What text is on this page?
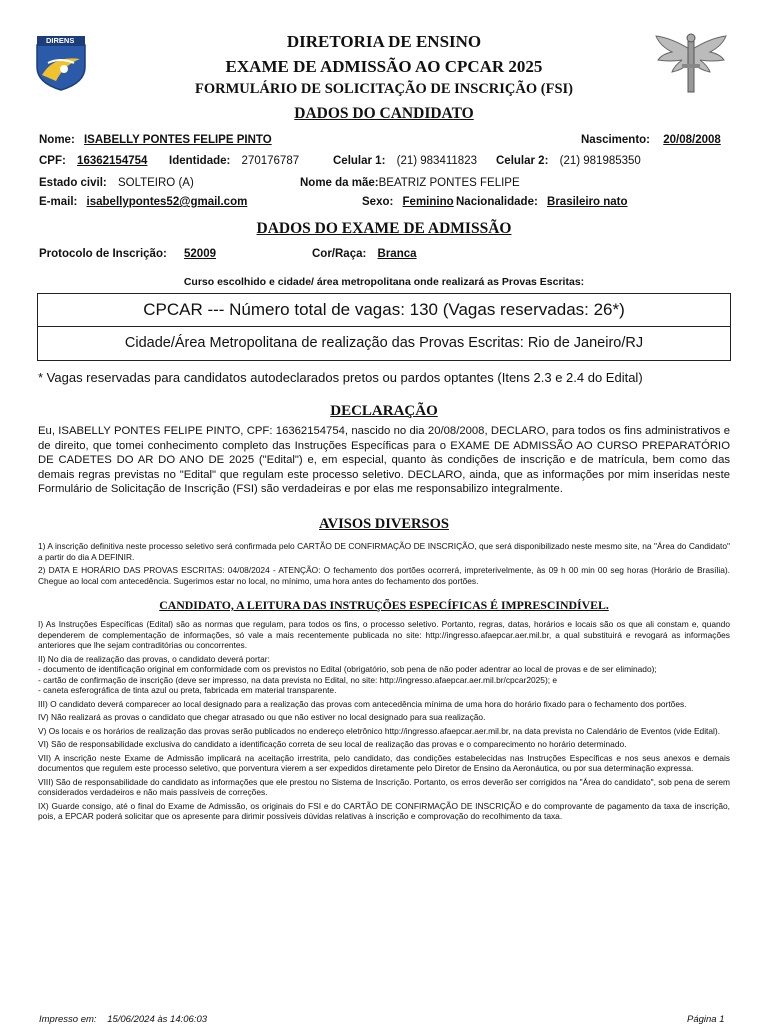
DIRENS	DIRETORIA DE ENSINO
EXAME DE ADMISSÃO AO CPCAR 2025
FORMULÁRIO DE SOLICITAÇÃO DE INSCRIÇÃO (FSI)
DADOS DO CANDIDATO
Nome: ISABELLY PONTES FELIPE PINTO	Nascimento: 20/08/2008
CPF: 16362154754 Identidade: 270176787	Celular 1: (21) 983411823 Celular 2: (21) 981985350
Estado civil: SOLTEIRO (A)	Nome da mãe:BEATRIZ PONTES FELIPE
E-mail: isabellypontes52@gmail.com	Sexo: Feminino Nacionalidade: Brasileiro nato
DADOS DO EXAME DE ADMISSÃO
Protocolo de Inscrição: 52009	Cor/Raça: Branca
Curso escolhido e cidade/ área metropolitana onde realizará as Provas Escritas:
CPCAR --- Número total de vagas: 130 (Vagas reservadas: 26*)
Cidade/Área Metropolitana de realização das Provas Escritas: Rio de Janeiro/RJ
* Vagas reservadas para candidatos autodeclarados pretos ou pardos optantes (Itens 2.3 e 2.4 do Edital)
DECLARAÇÃO
Eu, ISABELLY PONTES FELIPE PINTO, CPF: 16362154754, nascido no dia 20/08/2008, DECLARO, para todos os fins administrativos e de direito, que tomei conhecimento completo das Instruções Específicas para o EXAME DE ADMISSÃO AO CURSO PREPARATÓRIO DE CADETES DO AR DO ANO DE 2025 ("Edital") e, em especial, quanto às condições de inscrição e de matrícula, bem como das demais regras previstas no "Edital" que regulam este processo seletivo. DECLARO, ainda, que as informações por mim inseridas neste Formulário de Solicitação de Inscrição (FSI) são verdadeiras e por elas me responsabilizo integralmente.
AVISOS DIVERSOS

1) A inscrição definitiva neste processo seletivo será confirmada pelo CARTÃO DE CONFIRMAÇÃO DE INSCRIÇÃO, que será disponibilizado neste mesmo site, na "Área do Candidato" a partir do dia A DEFINIR.

2) DATA E HORÁRIO DAS PROVAS ESCRITAS: 04/08/2024 - ATENÇÃO: O fechamento dos portões ocorrerá, impreterivelmente, às 09 h 00 min 00 seg horas (Horário de Brasília). Chegue ao local com antecedência. Sugerimos estar no local, no mínimo, uma hora antes do fechamento dos portões.

CANDIDATO, A LEITURA DAS INSTRUÇÕES ESPECÍFICAS É IMPRESCINDÍVEL.

I) As Instruções Específicas (Edital) são as normas que regulam, para todos os fins, o processo seletivo. Portanto, regras, datas, horários e locais são os que ali constam e, quando dependerem de complementação de informações, só vale a mais recentemente publicada no site: http://ingresso.afaepcar.aer.mil.br, a qual substituirá e revogará as informações anteriores que lhe sejam contraditórias ou concorrentes.

II) No dia de realização das provas, o candidato deverá portar:
- documento de identificação original em conformidade com os previstos no Edital (obrigatório, sob pena de não poder adentrar ao local de provas e de ser eliminado);
- cartão de confirmação de inscrição (deve ser impresso, na data prevista no Edital, no site: http://ingresso.afaepcar.aer.mil.br/cpcar2025); e
- caneta esferográfica de tinta azul ou preta, fabricada em material transparente.

III) O candidato deverá comparecer ao local designado para a realização das provas com antecedência mínima de uma hora do horário fixado para o fechamento dos portões.

IV) Não realizará as provas o candidato que chegar atrasado ou que não estiver no local designado para sua realização.

V) Os locais e os horários de realização das provas serão publicados no endereço eletrônico http://ingresso.afaepcar.aer.mil.br, na data prevista no Calendário de Eventos (vide Edital).

VI) São de responsabilidade exclusiva do candidato a identificação correta de seu local de realização das provas e o comparecimento no horário determinado.

VII) A inscrição neste Exame de Admissão implicará na aceitação irrestrita, pelo candidato, das condições estabelecidas nas Instruções Específicas e nos seus anexos e demais documentos que regulem este processo seletivo, que porventura vierem a ser expedidos diretamente pelo Diretor de Ensino da Aeronáutica, ou por sua determinação expressa.

VIII) São de responsabilidade do candidato as informações que ele prestou no Sistema de Inscrição. Portanto, os erros deverão ser corrigidos na "Área do candidato", sob pena de serem considerados verdadeiros e não mais passíveis de correções.

IX) Guarde consigo, até o final do Exame de Admissão, os originais do FSI e do CARTÃO DE CONFIRMAÇÃO DE INSCRIÇÃO e do comprovante de pagamento da taxa de inscrição, pois, a EPCAR poderá solicitar que os apresente para dirimir possíveis dúvidas relativas à inscrição e comprovação do recolhimento da taxa.

Impresso em: 15/06/2024 às 14:06:03	Página 1
